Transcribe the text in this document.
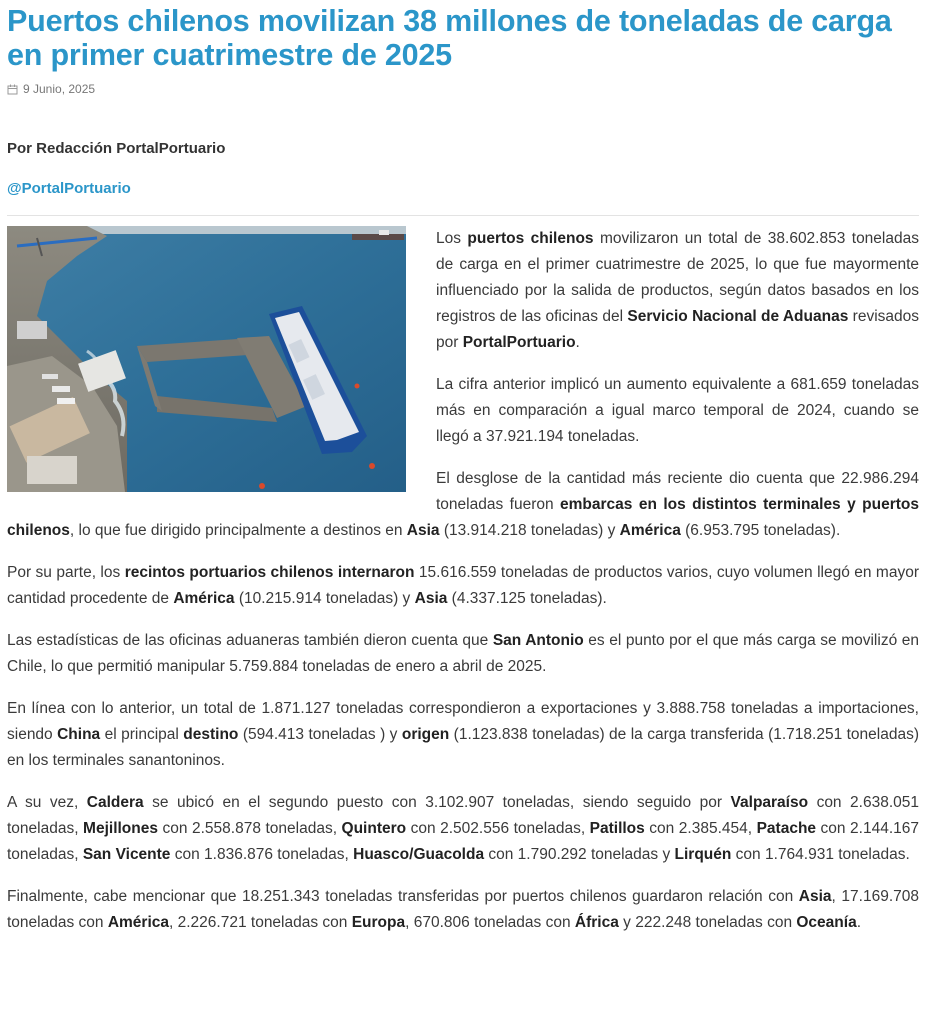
Puertos chilenos movilizan 38 millones de toneladas de carga en primer cuatrimestre de 2025
9 Junio, 2025
Por Redacción PortalPortuario
@PortalPortuario

Los puertos chilenos movilizaron un total de 38.602.853 toneladas de carga en el primer cuatrimestre de 2025, lo que fue mayormente influenciado por la salida de productos, según datos basados en los registros de las oficinas del Servicio Nacional de Aduanas revisados por PortalPortuario.

La cifra anterior implicó un aumento equivalente a 681.659 toneladas más en comparación a igual marco temporal de 2024, cuando se llegó a 37.921.194 toneladas.

El desglose de la cantidad más reciente dio cuenta que 22.986.294 toneladas fueron embarcas en los distintos terminales y puertos chilenos, lo que fue dirigido principalmente a destinos en Asia (13.914.218 toneladas) y América (6.953.795 toneladas).

Por su parte, los recintos portuarios chilenos internaron 15.616.559 toneladas de productos varios, cuyo volumen llegó en mayor cantidad procedente de América (10.215.914 toneladas) y Asia (4.337.125 toneladas).

Las estadísticas de las oficinas aduaneras también dieron cuenta que San Antonio es el punto por el que más carga se movilizó en Chile, lo que permitió manipular 5.759.884 toneladas de enero a abril de 2025.

En línea con lo anterior, un total de 1.871.127 toneladas correspondieron a exportaciones y 3.888.758 toneladas a importaciones, siendo China el principal destino (594.413 toneladas ) y origen (1.123.838 toneladas) de la carga transferida (1.718.251 toneladas) en los terminales sanantoninos.

A su vez, Caldera se ubicó en el segundo puesto con 3.102.907 toneladas, siendo seguido por Valparaíso con 2.638.051 toneladas, Mejillones con 2.558.878 toneladas, Quintero con 2.502.556 toneladas, Patillos con 2.385.454, Patache con 2.144.167 toneladas, San Vicente con 1.836.876 toneladas, Huasco/Guacolda con 1.790.292 toneladas y Lirquén con 1.764.931 toneladas.

Finalmente, cabe mencionar que 18.251.343 toneladas transferidas por puertos chilenos guardaron relación con Asia, 17.169.708 toneladas con América, 2.226.721 toneladas con Europa, 670.806 toneladas con África y 222.248 toneladas con Oceanía.
